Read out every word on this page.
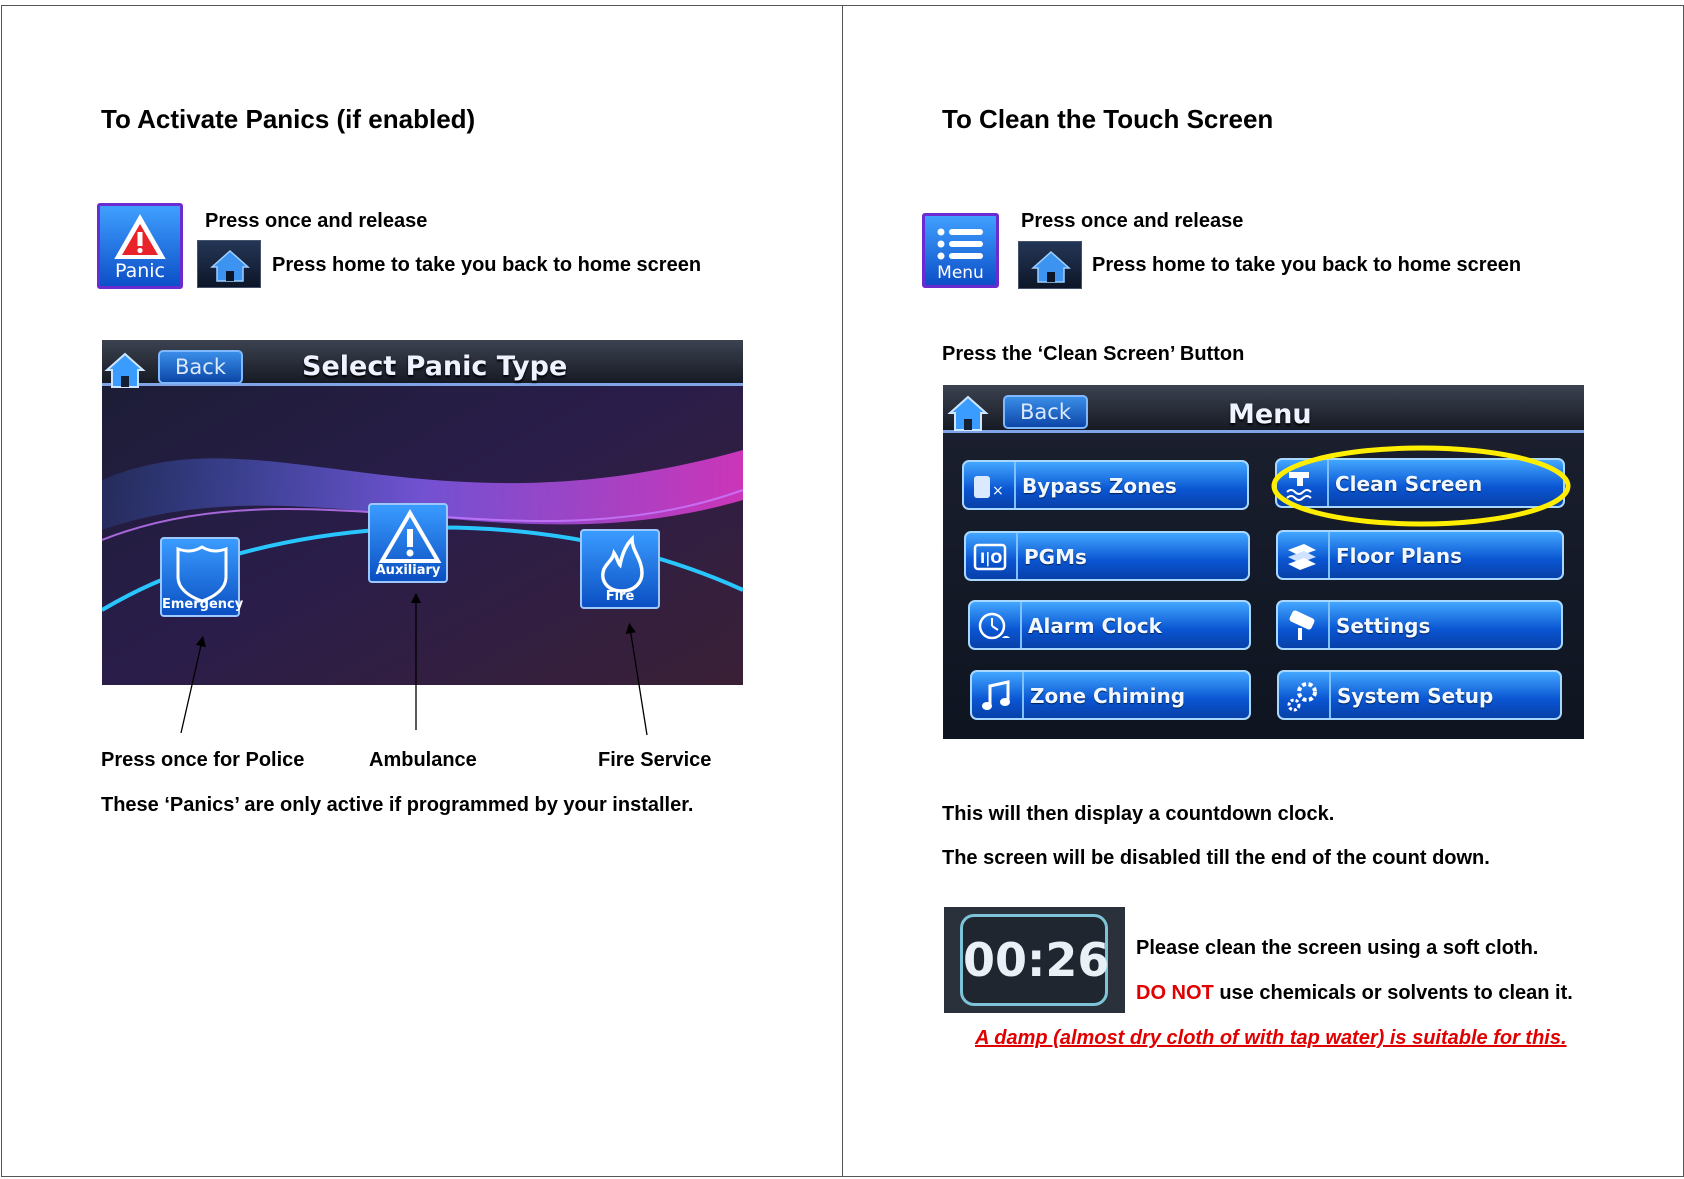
To Activate Panics (if enabled)
Panic
Press once and release
Press home to take you back to home screen
Back	Select Panic Type
Emergency
Auxiliary
Fire
Press once for Police	Ambulance	Fire Service
These ‘Panics’ are only active if programmed by your installer.
To Clean the Touch Screen
Menu
Press once and release
Press home to take you back to home screen
Press the ‘Clean Screen’ Button
Back	Menu
× Bypass Zones	Clean Screen
I|O PGMs	Floor Plans
Alarm Clock	Settings
Zone Chiming	System Setup
This will then display a countdown clock.
The screen will be disabled till the end of the count down.
00:26 Please clean the screen using a soft cloth.
DO NOT use chemicals or solvents to clean it.
A damp (almost dry cloth of with tap water) is suitable for this.
